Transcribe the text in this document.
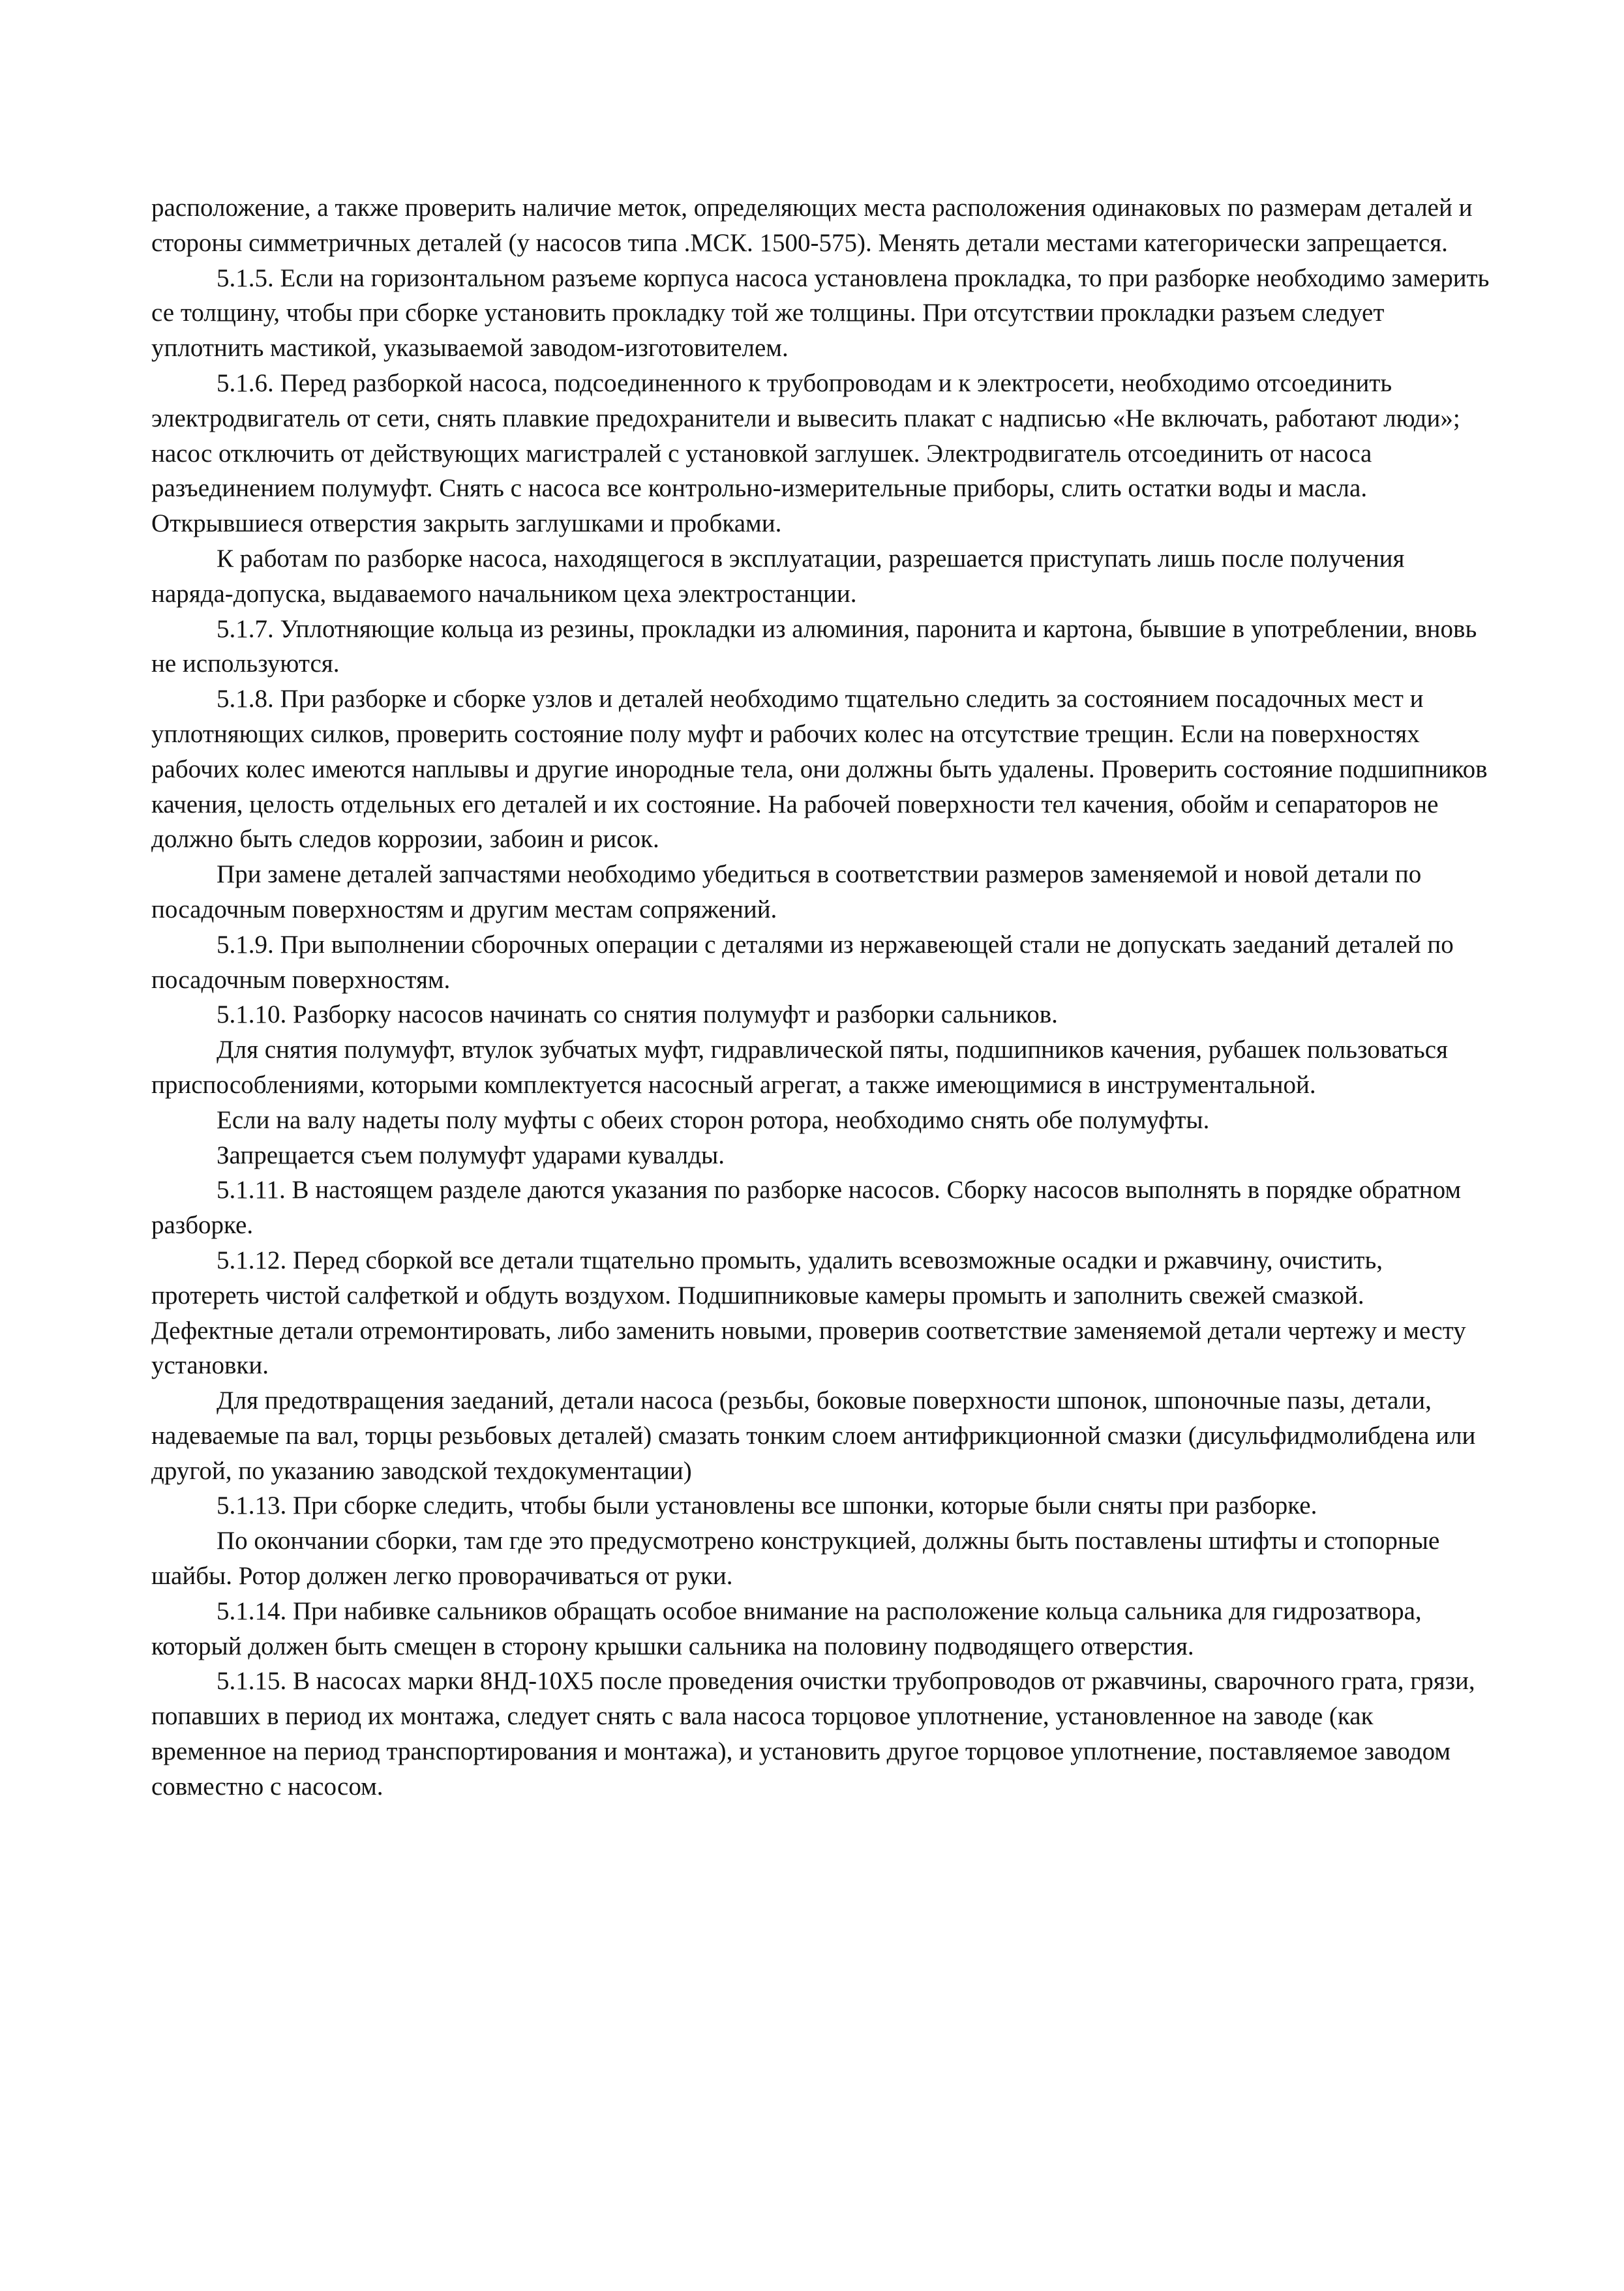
расположение, а также проверить наличие меток, определяющих места расположения одинаковых по размерам деталей и стороны симметричных деталей (у насосов типа .МСК. 1500-575). Менять детали местами категорически запрещается.

5.1.5. Если на горизонтальном разъеме корпуса насоса установлена прокладка, то при разборке необходимо замерить се толщину, чтобы при сборке установить прокладку той же толщины. При отсутствии прокладки разъем следует уплотнить мастикой, указываемой заводом-изготовителем.

5.1.6. Перед разборкой насоса, подсоединенного к трубопроводам и к электросети, необходимо отсоединить электродвигатель от сети, снять плавкие предохранители и вывесить плакат с надписью «Не включать, работают люди»; насос отключить от действующих магистралей с установкой заглушек. Электродвигатель отсоединить от насоса разъединением полумуфт. Снять с насоса все контрольно-измерительные приборы, слить остатки воды и масла. Открывшиеся отверстия закрыть заглушками и пробками.

К работам по разборке насоса, находящегося в эксплуатации, разрешается приступать лишь после получения наряда-допуска, выдаваемого начальником цеха электростанции.

5.1.7. Уплотняющие кольца из резины, прокладки из алюминия, паронита и картона, бывшие в употреблении, вновь не используются.

5.1.8. При разборке и сборке узлов и деталей необходимо тщательно следить за состоянием посадочных мест и уплотняющих силков, проверить состояние полу муфт и рабочих колес на отсутствие трещин. Если на поверхностях рабочих колес имеются наплывы и другие инородные тела, они должны быть удалены. Проверить состояние подшипников качения, целость отдельных его деталей и их состояние. На рабочей поверхности тел качения, обойм и сепараторов не должно быть следов коррозии, забоин и рисок.

При замене деталей запчастями необходимо убедиться в соответствии размеров заменяемой и новой детали по посадочным поверхностям и другим местам сопряжений.

5.1.9. При выполнении сборочных операции с деталями из нержавеющей стали не допускать заеданий деталей по посадочным поверхностям.

5.1.10. Разборку насосов начинать со снятия полумуфт и разборки сальников.

Для снятия полумуфт, втулок зубчатых муфт, гидравлической пяты, подшипников качения, рубашек пользоваться приспособлениями, которыми комплектуется насосный агрегат, а также имеющимися в инструментальной.

Если на валу надеты полу муфты с обеих сторон ротора, необходимо снять обе полумуфты.

Запрещается съем полумуфт ударами кувалды.

5.1.11. В настоящем разделе даются указания по разборке насосов. Сборку насосов выполнять в порядке обратном разборке.

5.1.12. Перед сборкой все детали тщательно промыть, удалить всевозможные осадки и ржавчину, очистить, протереть чистой салфеткой и обдуть воздухом. Подшипниковые камеры промыть и заполнить свежей смазкой. Дефектные детали отремонтировать, либо заменить новыми, проверив соответствие заменяемой детали чертежу и месту установки.

Для предотвращения заеданий, детали насоса (резьбы, боковые поверхности шпонок, шпоночные пазы, детали, надеваемые па вал, торцы резьбовых деталей) смазать тонким слоем антифрикционной смазки (дисульфидмолибдена или другой, по указанию заводской техдокументации)

5.1.13. При сборке следить, чтобы были установлены все шпонки, которые были сняты при разборке.

По окончании сборки, там где это предусмотрено конструкцией, должны быть поставлены штифты и стопорные шайбы. Ротор должен легко проворачиваться от руки.

5.1.14. При набивке сальников обращать особое внимание на расположение кольца сальника для гидрозатвора, который должен быть смещен в сторону крышки сальника на половину подводящего отверстия.

5.1.15. В насосах марки 8НД-10Х5 после проведения очистки трубопроводов от ржавчины, сварочного грата, грязи, попавших в период их монтажа, следует снять с вала насоса торцовое уплотнение, установленное на заводе (как временное на период транспортирования и монтажа), и установить другое торцовое уплотнение, поставляемое заводом совместно с насосом.
